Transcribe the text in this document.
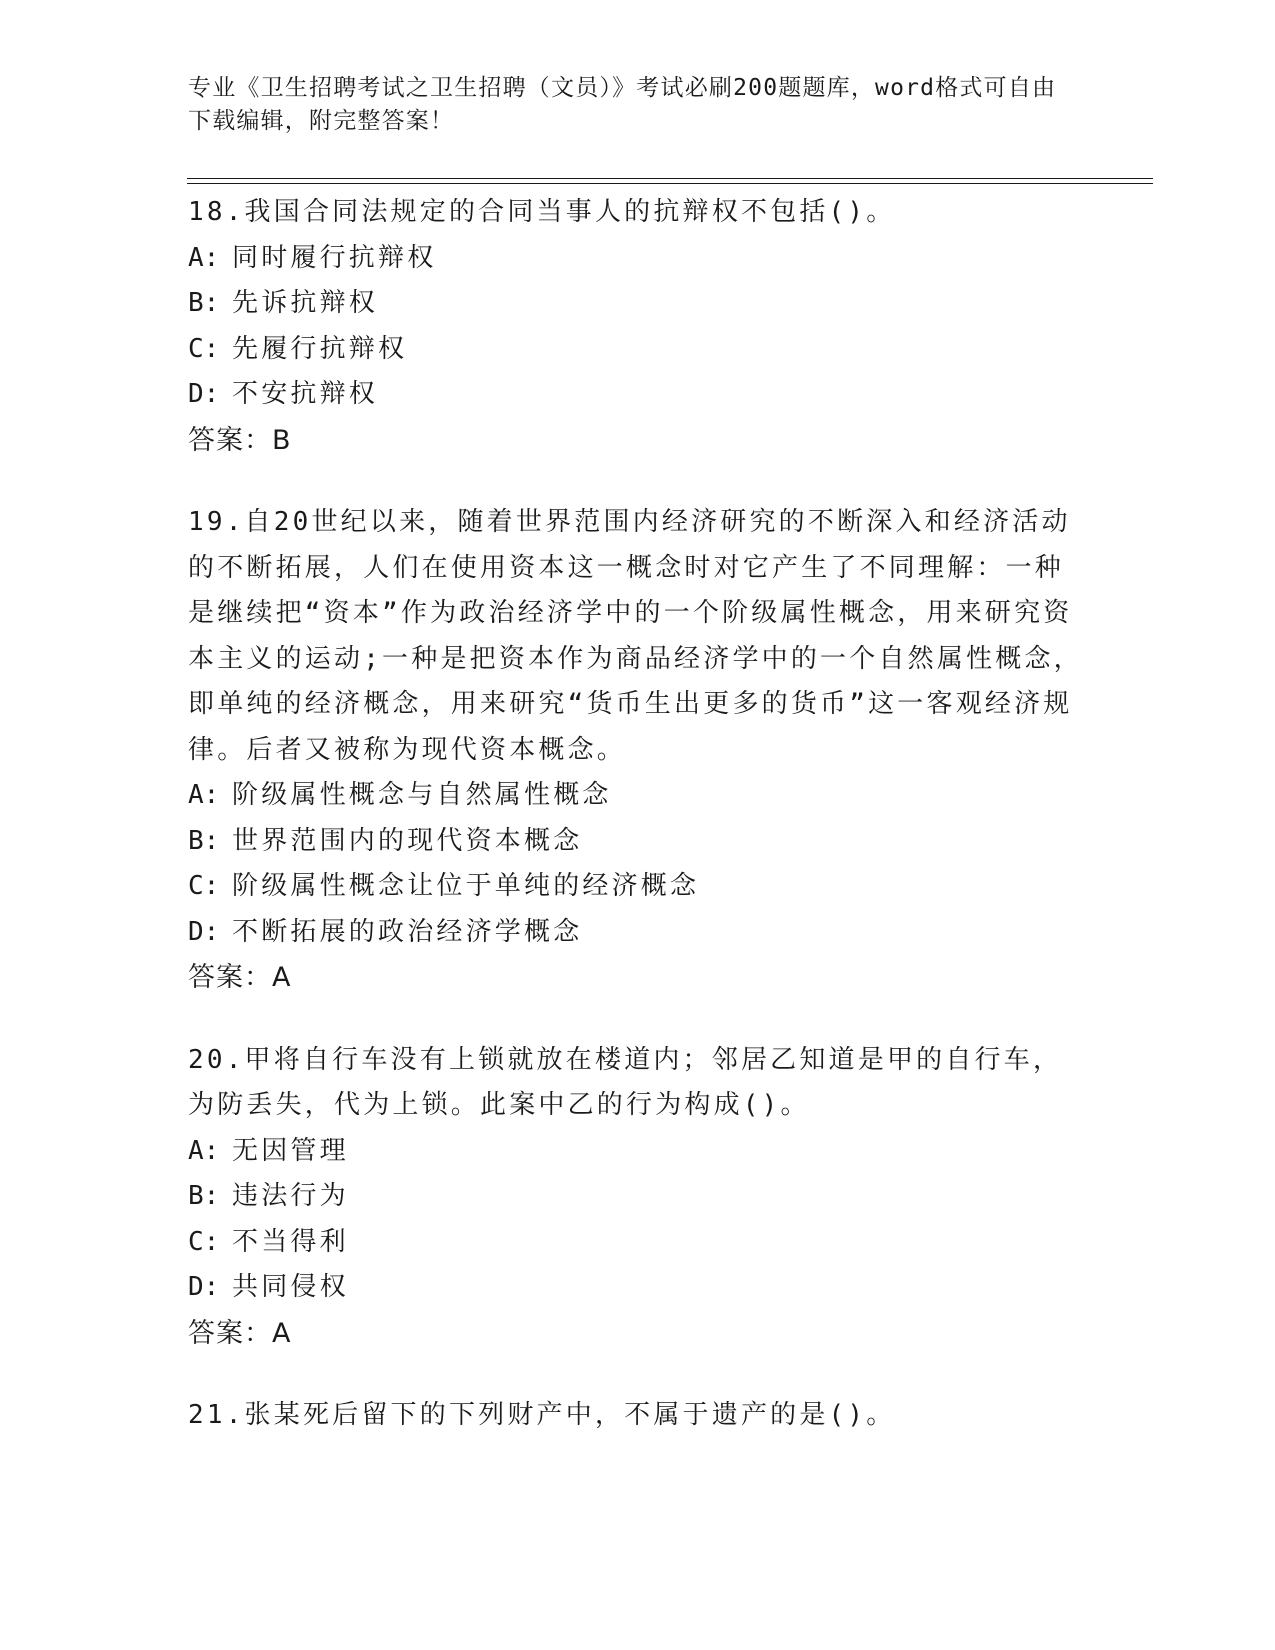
专业《卫生招聘考试之卫生招聘（文员）》考试必刷200题题库，word格式可自由下载编辑，附完整答案！

18.我国合同法规定的合同当事人的抗辩权不包括()。

A: 同时履行抗辩权

B: 先诉抗辩权

C: 先履行抗辩权

D: 不安抗辩权

答案：B

19.自20世纪以来，随着世界范围内经济研究的不断深入和经济活动的不断拓展，人们在使用资本这一概念时对它产生了不同理解：一种是继续把“资本”作为政治经济学中的一个阶级属性概念，用来研究资本主义的运动;一种是把资本作为商品经济学中的一个自然属性概念，即单纯的经济概念，用来研究“货币生出更多的货币”这一客观经济规律。后者又被称为现代资本概念。

A: 阶级属性概念与自然属性概念

B: 世界范围内的现代资本概念

C: 阶级属性概念让位于单纯的经济概念

D: 不断拓展的政治经济学概念

答案：A

20.甲将自行车没有上锁就放在楼道内；邻居乙知道是甲的自行车，为防丢失，代为上锁。此案中乙的行为构成()。

A: 无因管理

B: 违法行为

C: 不当得利

D: 共同侵权

答案：A

21.张某死后留下的下列财产中，不属于遗产的是()。
